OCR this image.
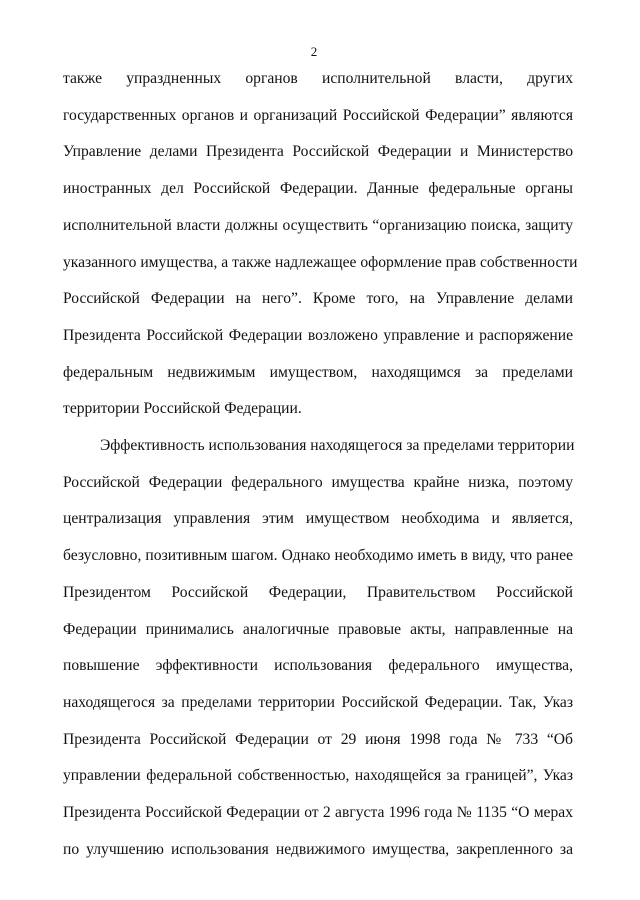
2
также упраздненных органов исполнительной власти, других
государственных органов и организаций Российской Федерации” являются
Управление делами Президента Российской Федерации и Министерство
иностранных дел Российской Федерации. Данные федеральные органы
исполнительной власти должны осуществить “организацию поиска, защиту
указанного имущества, а также надлежащее оформление прав собственности
Российской Федерации на него”. Кроме того, на Управление делами
Президента Российской Федерации возложено управление и распоряжение
федеральным недвижимым имуществом, находящимся за пределами
территории Российской Федерации.
Эффективность использования находящегося за пределами территории
Российской Федерации федерального имущества крайне низка, поэтому
централизация управления этим имуществом необходима и является,
безусловно, позитивным шагом. Однако необходимо иметь в виду, что ранее
Президентом Российской Федерации, Правительством Российской
Федерации принимались аналогичные правовые акты, направленные на
повышение эффективности использования федерального имущества,
находящегося за пределами территории Российской Федерации. Так, Указ
Президента Российской Федерации от 29 июня 1998 года № 733 “Об
управлении федеральной собственностью, находящейся за границей”, Указ
Президента Российской Федерации от 2 августа 1996 года № 1135 “О мерах
по улучшению использования недвижимого имущества, закрепленного за
